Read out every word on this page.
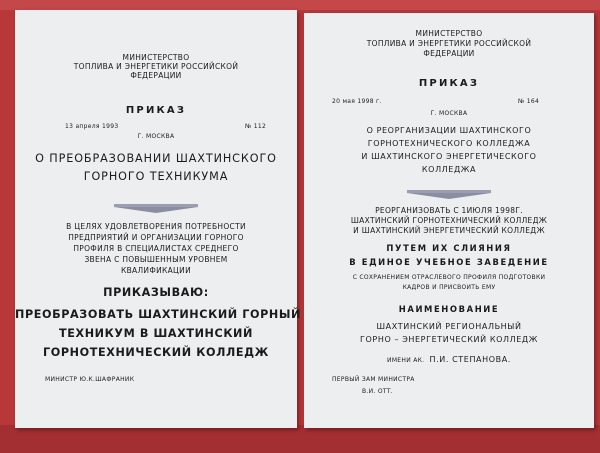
МИНИСТЕРСТВО
ТОПЛИВА И ЭНЕРГЕТИКИ РОССИЙСКОЙ
ФЕДЕРАЦИИ
ПРИКАЗ
13 апреля 1993	№ 112
Г. МОСКВА
О ПРЕОБРАЗОВАНИИ ШАХТИНСКОГО
ГОРНОГО ТЕХНИКУМА
В ЦЕЛЯХ УДОВЛЕТВОРЕНИЯ ПОТРЕБНОСТИ
ПРЕДПРИЯТИЙ И ОРГАНИЗАЦИИ ГОРНОГО
ПРОФИЛЯ В СПЕЦИАЛИСТАХ СРЕДНЕГО
ЗВЕНА С ПОВЫШЕННЫМ УРОВНЕМ
КВАЛИФИКАЦИИ
ПРИКАЗЫВАЮ:
ПРЕОБРАЗОВАТЬ ШАХТИНСКИЙ ГОРНЫЙ
ТЕХНИКУМ В ШАХТИНСКИЙ
ГОРНОТЕХНИЧЕСКИЙ КОЛЛЕДЖ
МИНИСТР Ю.К.ШАФРАНИК
МИНИСТЕРСТВО
ТОПЛИВА И ЭНЕРГЕТИКИ РОССИЙСКОЙ
ФЕДЕРАЦИИ
ПРИКАЗ
20 мая 1998 г.	№ 164
Г. МОСКВА
О РЕОРГАНИЗАЦИИ ШАХТИНСКОГО
ГОРНОТЕХНИЧЕСКОГО КОЛЛЕДЖА
И ШАХТИНСКОГО ЭНЕРГЕТИЧЕСКОГО
КОЛЛЕДЖА
РЕОРГАНИЗОВАТЬ С 1ИЮЛЯ 1998Г.
ШАХТИНСКИЙ ГОРНОТЕХНИЧЕСКИЙ КОЛЛЕДЖ
И ШАХТИНСКИЙ ЭНЕРГЕТИЧЕСКИЙ КОЛЛЕДЖ
ПУТЕМ ИХ СЛИЯНИЯ
В ЕДИНОЕ УЧЕБНОЕ ЗАВЕДЕНИЕ
С СОХРАНЕНИЕМ ОТРАСЛЕВОГО ПРОФИЛЯ ПОДГОТОВКИ
КАДРОВ И ПРИСВОИТЬ ЕМУ
НАИМЕНОВАНИЕ
ШАХТИНСКИЙ РЕГИОНАЛЬНЫЙ
ГОРНО – ЭНЕРГЕТИЧЕСКИЙ КОЛЛЕДЖ
ИМЕНИ АК. П.И. СТЕПАНОВА.
ПЕРВЫЙ ЗАМ МИНИСТРА
В.И. ОТТ.
